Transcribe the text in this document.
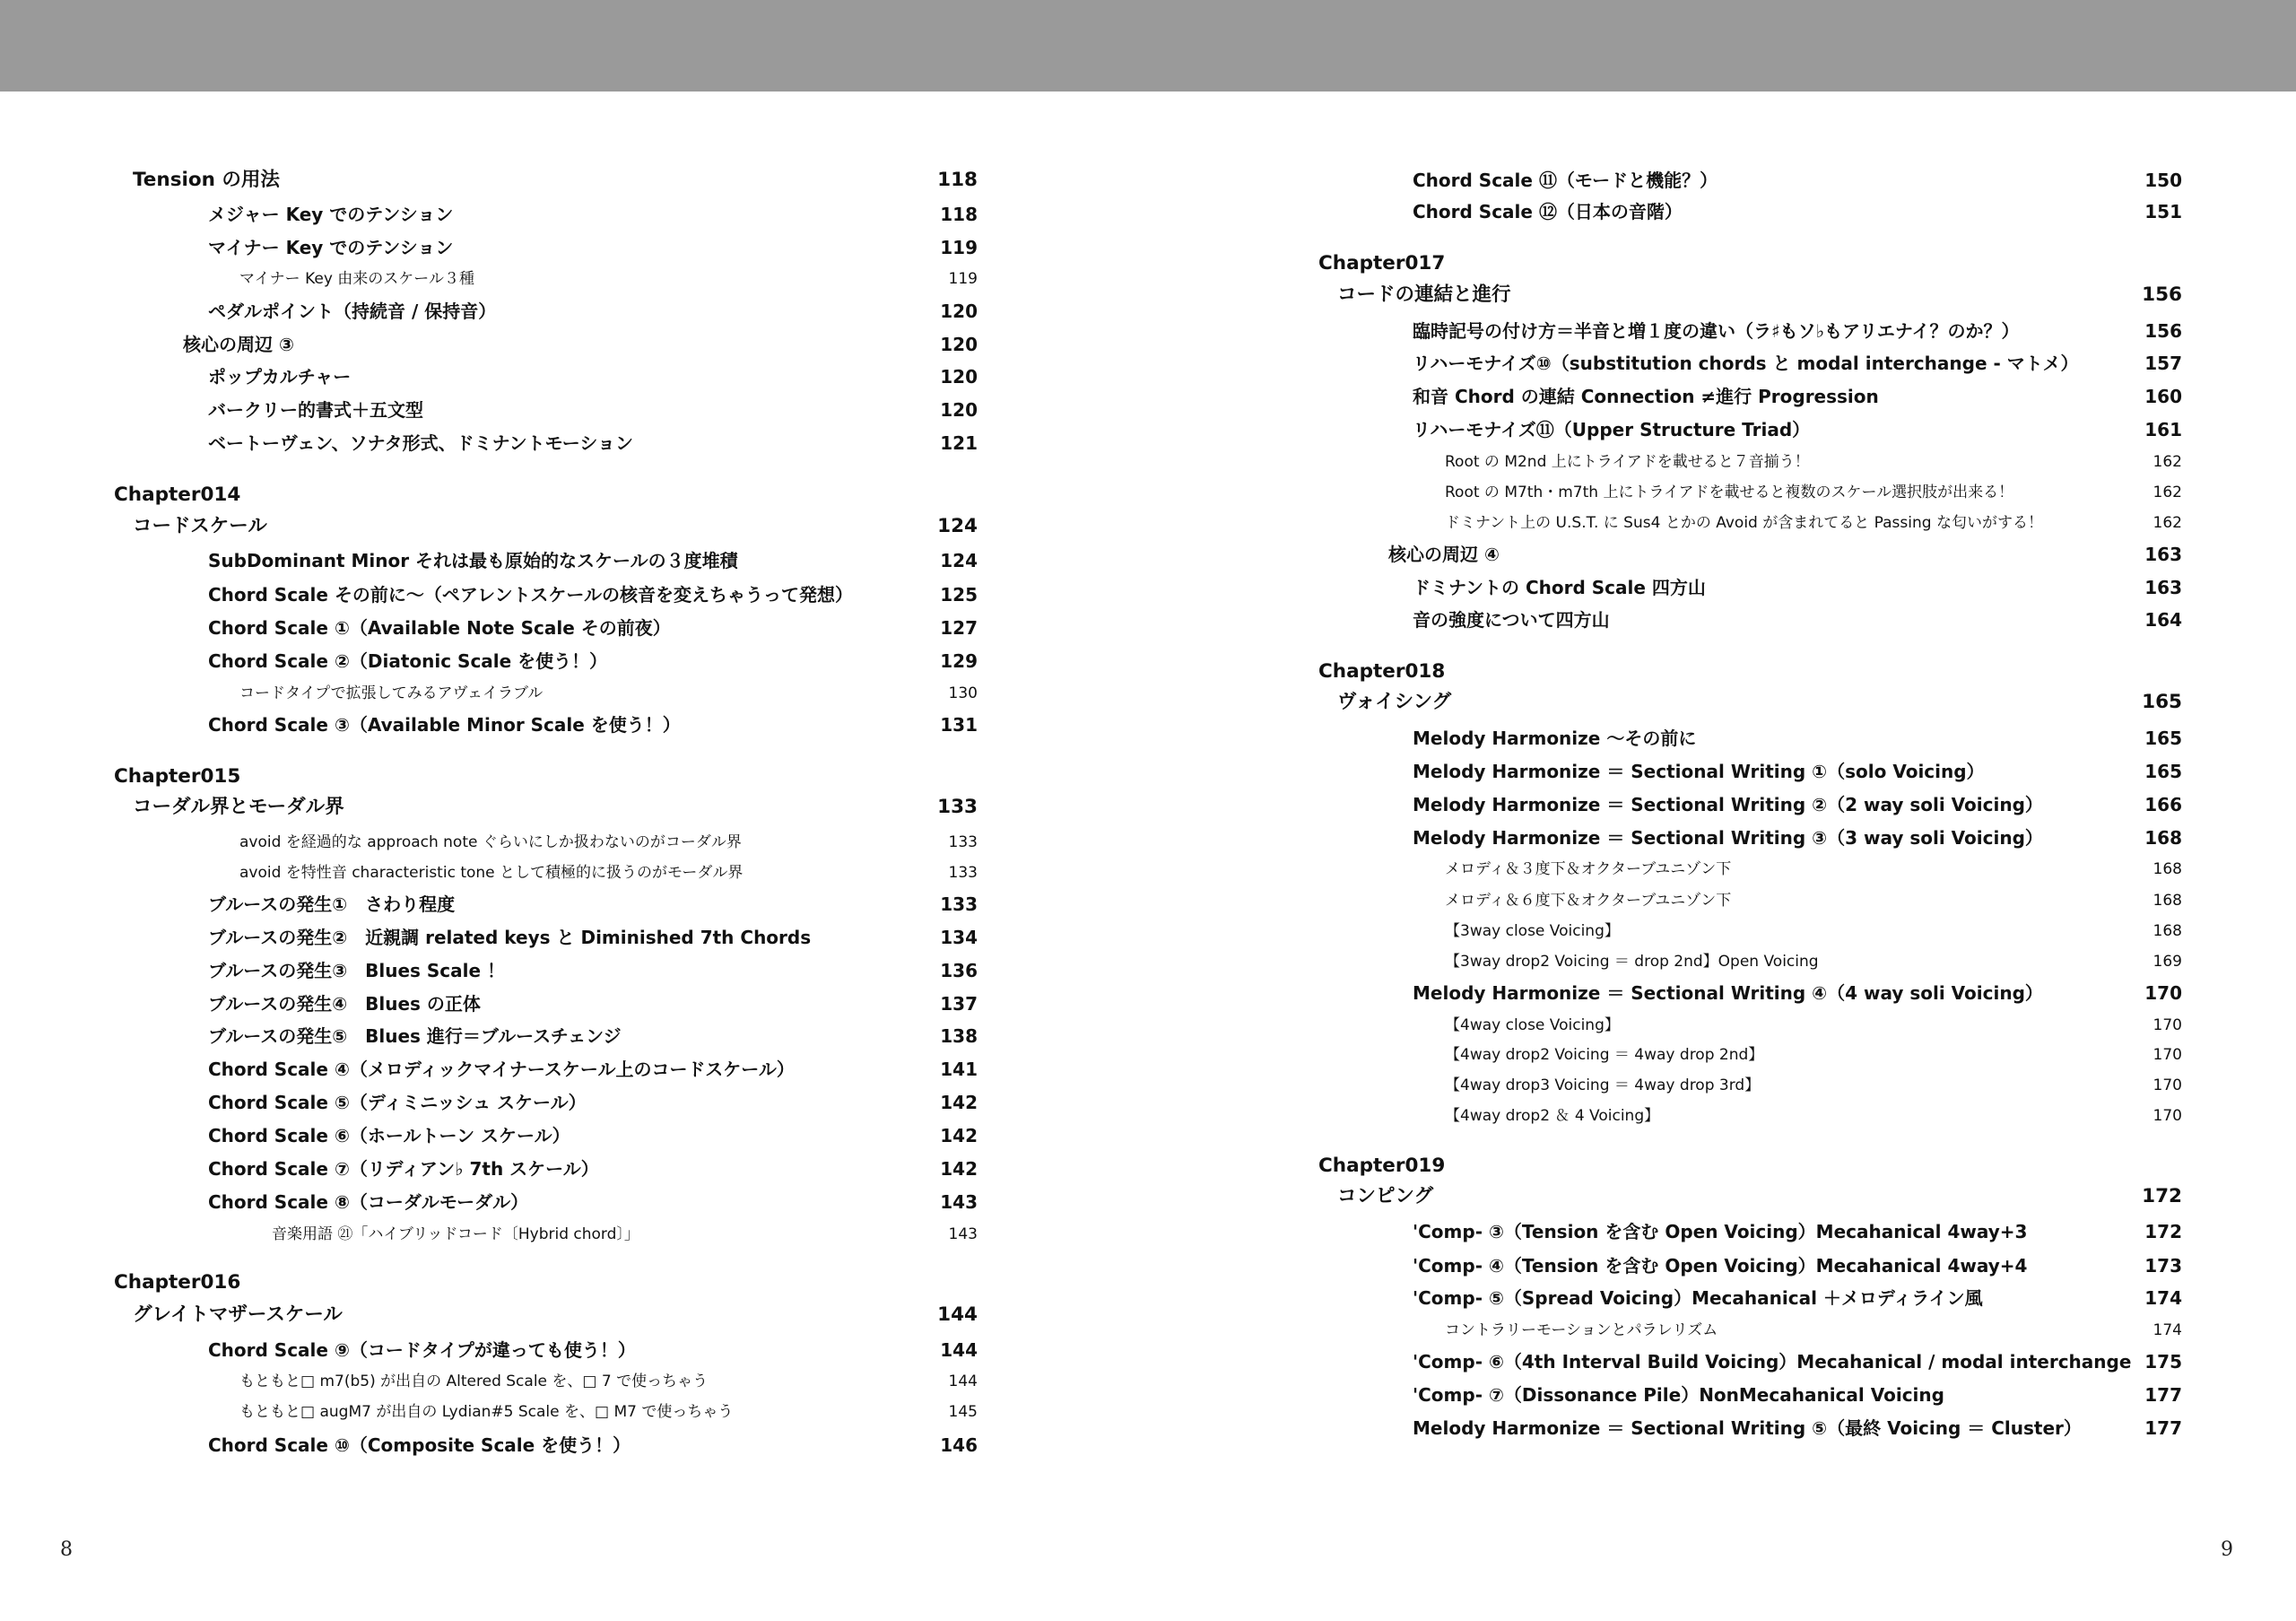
Tension の用法	118
メジャー Key でのテンション	118
マイナー Key でのテンション	119
マイナー Key 由来のスケール３種	119
ペダルポイント（持続音 / 保持音）	120
核心の周辺 ③	120
ポップカルチャー	120
バークリー的書式＋五文型	120
ベートーヴェン、ソナタ形式、ドミナントモーション	121
Chapter014
コードスケール	124
SubDominant Minor それは最も原始的なスケールの３度堆積	124
Chord Scale その前に〜（ペアレントスケールの核音を変えちゃうって発想）	125
Chord Scale ①（Available Note Scale その前夜）	127
Chord Scale ②（Diatonic Scale を使う！）	129
コードタイプで拡張してみるアヴェイラブル	130
Chord Scale ③（Available Minor Scale を使う！）	131
Chapter015
コーダル界とモーダル界	133
avoid を経過的な approach note ぐらいにしか扱わないのがコーダル界	133
avoid を特性音 characteristic tone として積極的に扱うのがモーダル界	133
ブルースの発生①　さわり程度	133
ブルースの発生②　近親調 related keys と Diminished 7th Chords	134
ブルースの発生③　Blues Scale ！	136
ブルースの発生④　Blues の正体	137
ブルースの発生⑤　Blues 進行＝ブルースチェンジ	138
Chord Scale ④（メロディックマイナースケール上のコードスケール）	141
Chord Scale ⑤（ディミニッシュ スケール）	142
Chord Scale ⑥（ホールトーン スケール）	142
Chord Scale ⑦（リディアン♭ 7th スケール）	142
Chord Scale ⑧（コーダルモーダル）	143
音楽用語 ㉑「ハイブリッドコード〔Hybrid chord〕」	143
Chapter016
グレイトマザースケール	144
Chord Scale ⑨（コードタイプが違っても使う！）	144
もともと□ m7(b5) が出自の Altered Scale を、□ 7 で使っちゃう	144
もともと□ augM7 が出自の Lydian#5 Scale を、□ M7 で使っちゃう	145
Chord Scale ⑩（Composite Scale を使う！）	146
8
Chord Scale ⑪（モードと機能？）	150
Chord Scale ⑫（日本の音階）	151
Chapter017
コードの連結と進行	156
臨時記号の付け方＝半音と増１度の違い（ラ♯もソ♭もアリエナイ？のか？）	156
リハーモナイズ⑩（substitution chords と modal interchange - マトメ）	157
和音 Chord の連結 Connection ≠進行 Progression	160
リハーモナイズ⑪（Upper Structure Triad）	161
Root の M2nd 上にトライアドを載せると７音揃う！	162
Root の M7th・m7th 上にトライアドを載せると複数のスケール選択肢が出来る！	162
ドミナント上の U.S.T. に Sus4 とかの Avoid が含まれてると Passing な匂いがする！	162
核心の周辺 ④	163
ドミナントの Chord Scale 四方山	163
音の強度について四方山	164
Chapter018
ヴォイシング	165
Melody Harmonize 〜その前に	165
Melody Harmonize ＝ Sectional Writing ①（solo Voicing）	165
Melody Harmonize ＝ Sectional Writing ②（2 way soli Voicing）	166
Melody Harmonize ＝ Sectional Writing ③（3 way soli Voicing）	168
メロディ＆３度下＆オクターブユニゾン下	168
メロディ＆６度下＆オクターブユニゾン下	168
【3way close Voicing】	168
【3way drop2 Voicing ＝ drop 2nd】Open Voicing	169
Melody Harmonize ＝ Sectional Writing ④（4 way soli Voicing）	170
【4way close Voicing】	170
【4way drop2 Voicing ＝ 4way drop 2nd】	170
【4way drop3 Voicing ＝ 4way drop 3rd】	170
【4way drop2 ＆ 4 Voicing】	170
Chapter019
コンピング	172
'Comp- ③（Tension を含む Open Voicing）Mecahanical 4way+3	172
'Comp- ④（Tension を含む Open Voicing）Mecahanical 4way+4	173
'Comp- ⑤（Spread Voicing）Mecahanical ＋メロディライン風	174
コントラリーモーションとパラレリズム	174
'Comp- ⑥（4th Interval Build Voicing）Mecahanical / modal interchange 175
'Comp- ⑦（Dissonance Pile）NonMecahanical Voicing	177
Melody Harmonize ＝ Sectional Writing ⑤（最終 Voicing ＝ Cluster）	177
9
